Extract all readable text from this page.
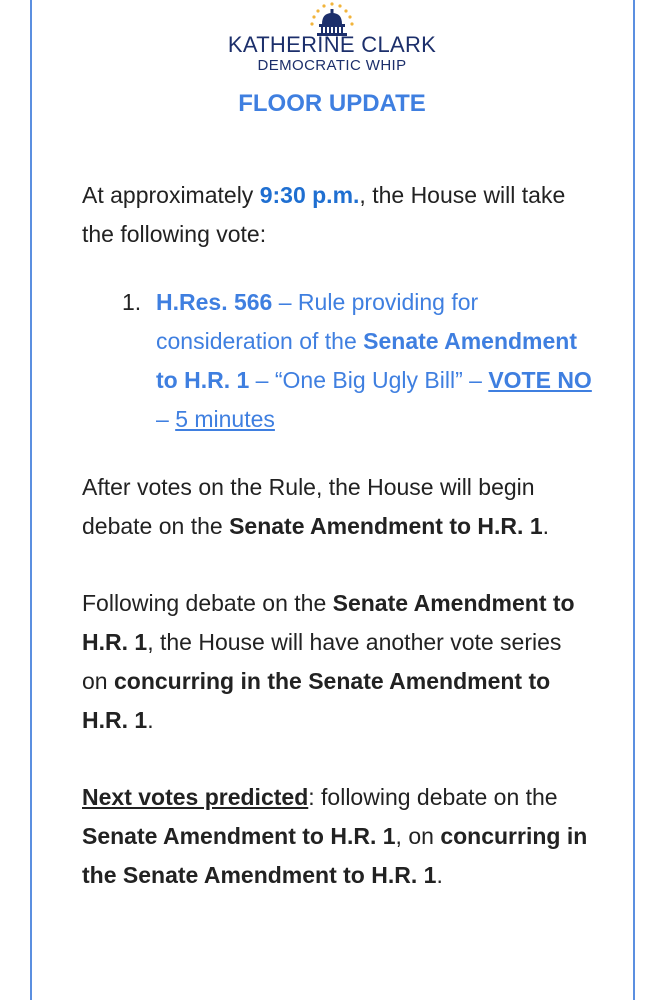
KATHERINE CLARK
DEMOCRATIC WHIP
FLOOR UPDATE

At approximately 9:30 p.m., the House will take the following vote:

1. H.Res. 566 – Rule providing for consideration of the Senate Amendment to H.R. 1 – “One Big Ugly Bill” – VOTE NO – 5 minutes

After votes on the Rule, the House will begin debate on the Senate Amendment to H.R. 1.

Following debate on the Senate Amendment to H.R. 1, the House will have another vote series on concurring in the Senate Amendment to H.R. 1.

Next votes predicted: following debate on the Senate Amendment to H.R. 1, on concurring in the Senate Amendment to H.R. 1.
